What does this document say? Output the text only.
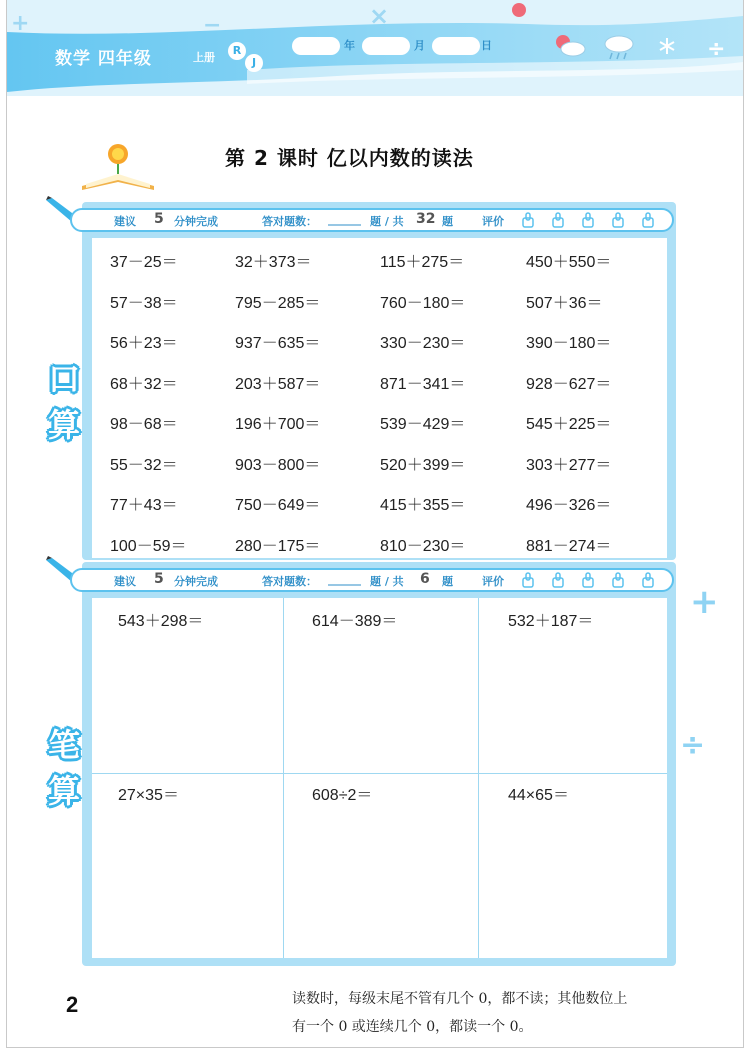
+	−	×
÷
数学 四年级	上册
R
J
年	月	日
+
÷
第 2 课时 亿以内数的读法
建议 5 分钟完成	答对题数： ______ 题 / 共 32 题	评价
口
算
37－25＝	32＋373＝	115＋275＝	450＋550＝
57－38＝	795－285＝	760－180＝	507＋36＝
56＋23＝	937－635＝	330－230＝	390－180＝
68＋32＝	203＋587＝	871－341＝	928－627＝
98－68＝	196＋700＝	539－429＝	545＋225＝
55－32＝	903－800＝	520＋399＝	303＋277＝
77＋43＝	750－649＝	415＋355＝	496－326＝
100－59＝	280－175＝	810－230＝	881－274＝
建议 5 分钟完成	答对题数： ______ 题 / 共 6 题	评价
笔
算
543＋298＝	614－389＝	532＋187＝
27×35＝	608÷2＝	44×65＝
2	读数时，每级末尾不管有几个 0，都不读；其他数位上
有一个 0 或连续几个 0，都读一个 0。
